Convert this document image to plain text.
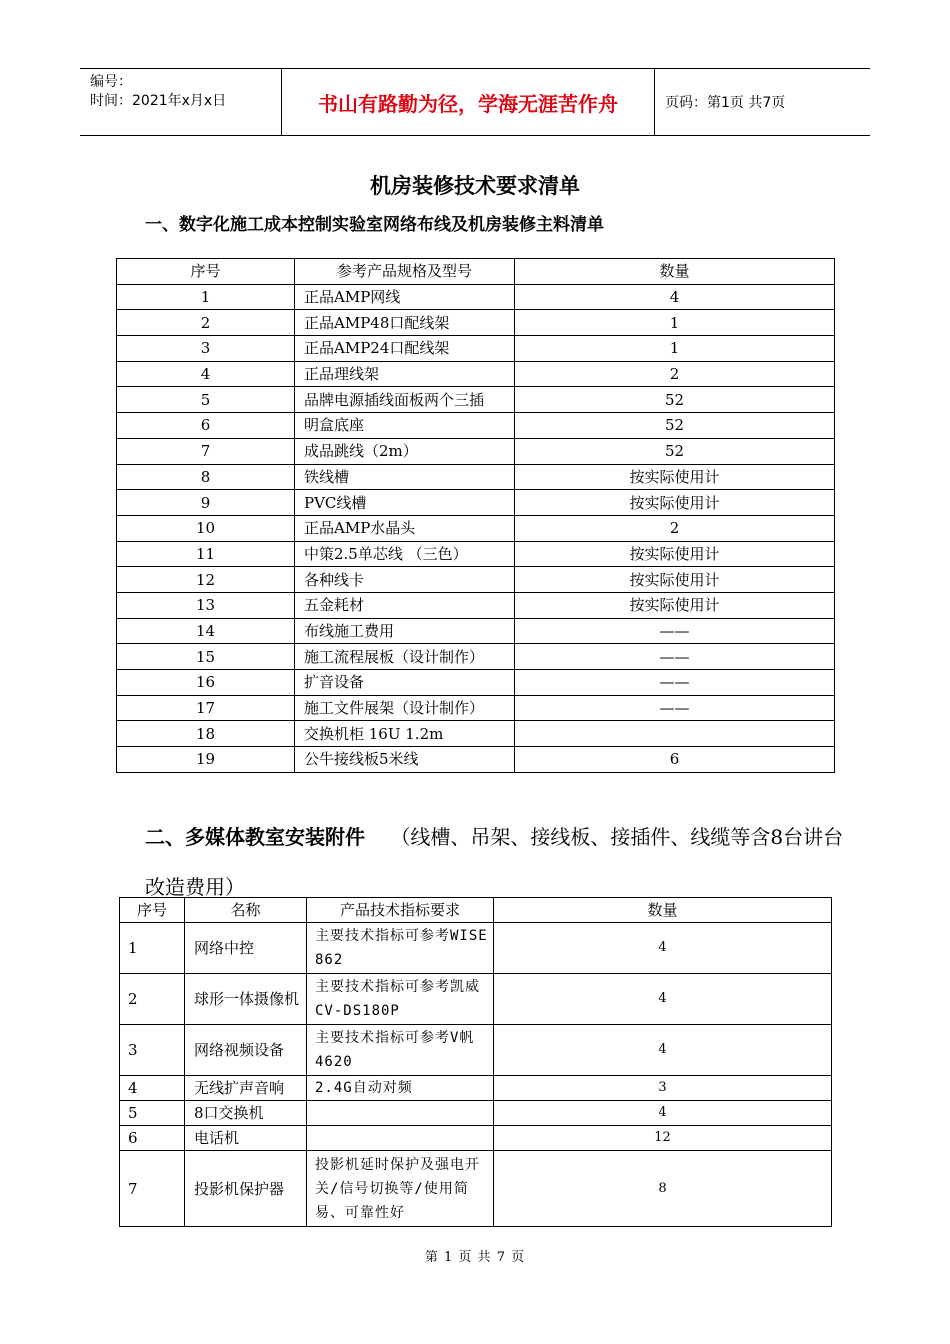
编号：
时间：2021年x月x日	书山有路勤为径，学海无涯苦作舟	页码：第1页 共7页
机房装修技术要求清单
一、数字化施工成本控制实验室网络布线及机房装修主料清单
序号	参考产品规格及型号	数量
1	正品AMP网线	4
2	正品AMP48口配线架	1
3	正品AMP24口配线架	1
4	正品理线架	2
5	品牌电源插线面板两个三插	52
6	明盒底座	52
7	成品跳线（2m）	52
8	铁线槽	按实际使用计
9	PVC线槽	按实际使用计
10	正品AMP水晶头	2
11	中策2.5单芯线 （三色）	按实际使用计
12	各种线卡	按实际使用计
13	五金耗材	按实际使用计
14	布线施工费用	——
15	施工流程展板（设计制作）	——
16	扩音设备	——
17	施工文件展架（设计制作）	——
18	交换机柜 16U 1.2m	
19	公牛接线板5米线	6
二、多媒体教室安装附件 （线槽、吊架、接线板、接插件、线缆等含8台讲台改造费用）
序号	名称	产品技术指标要求	数量
1	网络中控	主要技术指标可参考WISE 862	4
2	球形一体摄像机	主要技术指标可参考凯威CV-DS180P	4
3	网络视频设备	主要技术指标可参考V帆4620	4
4	无线扩声音响	2.4G自动对频	3
5	8口交换机		4
6	电话机		12
7	投影机保护器	投影机延时保护及强电开关/信号切换等/使用简易、可靠性好	8
第 1 页 共 7 页
